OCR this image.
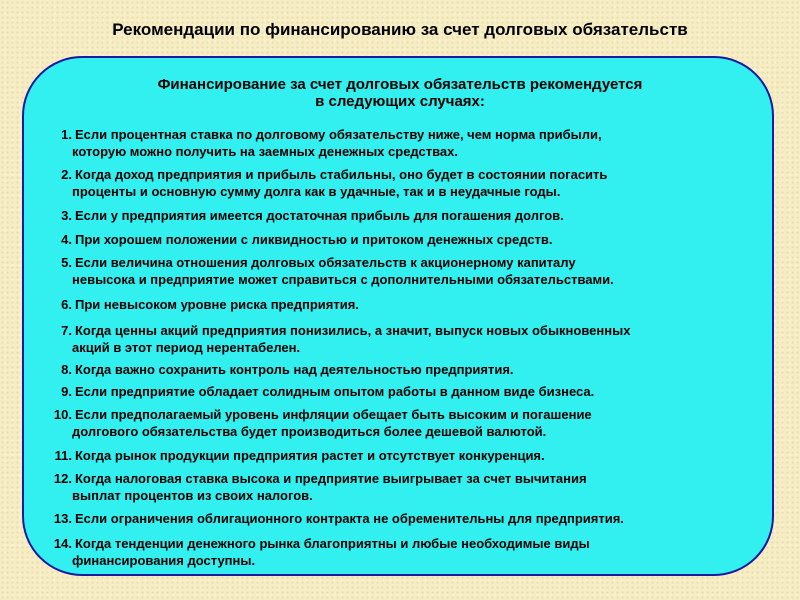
Рекомендации по финансированию за счет долговых обязательств
Финансирование за счет долговых обязательств рекомендуется
в следующих случаях:
1. Если процентная ставка по долговому обязательству ниже, чем норма прибыли,
которую можно получить на заемных денежных средствах.
2. Когда доход предприятия и прибыль стабильны, оно будет в состоянии погасить
проценты и основную сумму долга как в удачные, так и в неудачные годы.
3. Если у предприятия имеется достаточная прибыль для погашения долгов.
4. При хорошем положении с ликвидностью и притоком денежных средств.
5. Если величина отношения долговых обязательств к акционерному капиталу
невысока и предприятие может справиться с дополнительными обязательствами.
6. При невысоком уровне риска предприятия.
7. Когда ценны акций предприятия понизились, а значит, выпуск новых обыкновенных
акций в этот период нерентабелен.
8. Когда важно сохранить контроль над деятельностью предприятия.
9. Если предприятие обладает солидным опытом работы в данном виде бизнеса.
10. Если предполагаемый уровень инфляции обещает быть высоким и погашение
долгового обязательства будет производиться более дешевой валютой.
11. Когда рынок продукции предприятия растет и отсутствует конкуренция.
12. Когда налоговая ставка высока и предприятие выигрывает за счет вычитания
выплат процентов из своих налогов.
13. Если ограничения облигационного контракта не обременительны для предприятия.
14. Когда тенденции денежного рынка благоприятны и любые необходимые виды
финансирования доступны.
